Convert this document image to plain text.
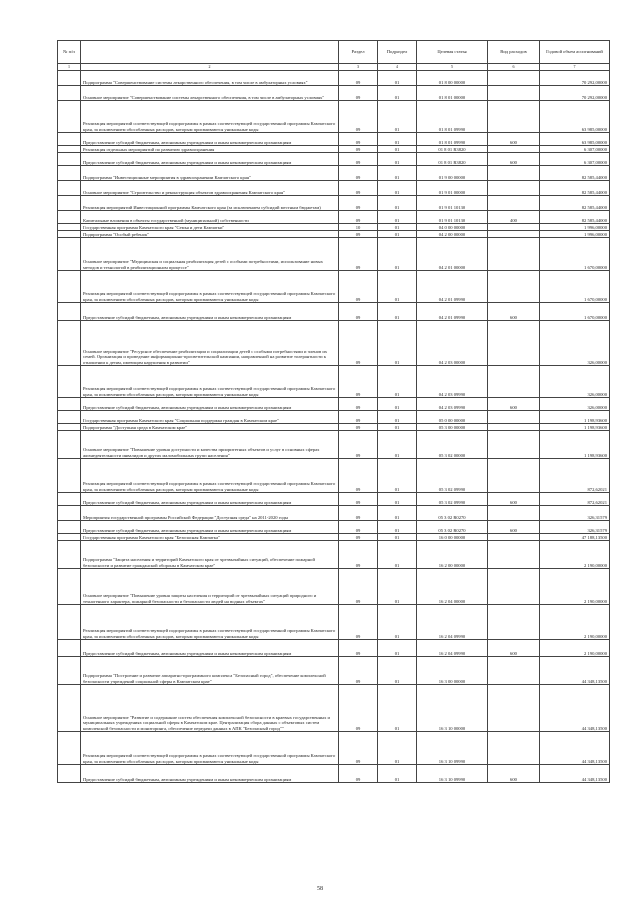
№ п/п		Раздел	Подраздел	Целевая статья	Вид расходов	Годовой объем ассигнований
1	2	3	4	5	6	7
	Подпрограмма "Совершенствование системы лекарственного обеспечения, в том числе в амбулаторных условиях"	09	01	01 8 00 00000		70 292,00000
	Основное мероприятие "Совершенствование системы лекарственного обеспечения, в том числе в амбулаторных условиях"	09	01	01 8 01 00000		70 292,00000
	Реализация мероприятий соответствующей подпрограммы в рамках соответствующей государственной программы Камчатского края, за исключением обособленных расходов, которым присваиваются уникальные коды	09	01	01 8 01 09990		63 985,00000
	Предоставление субсидий бюджетным, автономным учреждениям и иным некоммерческим организациям	09	01	01 8 01 09990	600	63 985,00000
	Реализация отдельных мероприятий по развитию здравоохранения	09	01	01 8 01 R3820		6 307,00000
	Предоставление субсидий бюджетным, автономным учреждениям и иным некоммерческим организациям	09	01	01 8 01 R3820	600	6 307,00000
	Подпрограмма "Инвестиционные мероприятия в здравоохранении Камчатского края"	09	01	01 9 00 00000		82 585,44000
	Основное мероприятие "Строительство и реконструкция объектов здравоохранения Камчатского края"	09	01	01 9 01 00000		82 585,44000
	Реализация мероприятий Инвестиционной программы Камчатского края (за исключением субсидий местным бюджетам)	09	01	01 9 01 10130		82 585,44000
	Капитальные вложения в объекты государственной (муниципальной) собственности	09	01	01 9 01 10130	400	82 585,44000
	Государственная программа Камчатского края "Семья и дети Камчатки"	10	01	04 0 00 00000		1 996,00000
	Подпрограмма "Особый ребенок"	09	01	04 2 00 00000		1 996,00000
	Основное мероприятие "Медицинская и социальная реабилитация детей с особыми потребностями, использование новых методов и технологий в реабилитационном процессе"	09	01	04 2 01 00000		1 670,00000
	Реализация мероприятий соответствующей подпрограммы в рамках соответствующей государственной программы Камчатского края, за исключением обособленных расходов, которым присваиваются уникальные коды	09	01	04 2 01 09990		1 670,00000
	Предоставление субсидий бюджетным, автономным учреждениям и иным некоммерческим организациям	09	01	04 2 01 09990	600	1 670,00000
	Основное мероприятие "Ресурсное обеспечение реабилитации и социализации детей с особыми потребностями и членов их семей. Организация и проведение информационно-просветительской кампании, направленной на развитие толерантности к отношении к детям, имеющим нарушения в развитии"	09	01	04 2 03 00000		326,00000
	Реализация мероприятий соответствующей подпрограммы в рамках соответствующей государственной программы Камчатского края, за исключением обособленных расходов, которым присваиваются уникальные коды	09	01	04 2 03 09990		326,00000
	Предоставление субсидий бюджетным, автономным учреждениям и иным некоммерческим организациям	09	01	04 2 03 09990	600	326,00000
	Государственная программа Камчатского края "Социальная поддержка граждан в Камчатском крае"	09	01	05 0 00 00000		1 198,93600
	Подпрограмма "Доступная среда в Камчатском крае"	09	01	05 3 00 00000		1 198,93600
	Основное мероприятие "Повышение уровня доступности и качества приоритетных объектов и услуг в основных сферах жизнедеятельности инвалидов и других маломобильных групп населения"	09	01	05 3 02 00000		1 198,93600
	Реализация мероприятий соответствующей подпрограммы в рамках соответствующей государственной программы Камчатского края, за исключением обособленных расходов, которым присваиваются уникальные коды	09	01	05 3 02 09990		872,62021
	Предоставление субсидий бюджетным, автономным учреждениям и иным некоммерческим организациям	09	01	05 3 02 09990	600	872,62021
	Мероприятия государственной программы Российской Федерации "Доступная среда" на 2011-2020 годы	09	01	05 3 02 R0270		326,31579
	Предоставление субсидий бюджетным, автономным учреждениям и иным некоммерческим организациям	09	01	05 3 02 R0270	600	326,31579
	Государственная программа Камчатского края "Безопасная Камчатка"	09	01	16 0 00 00000		47 188,13500
	Подпрограмма "Защита населения и территорий Камчатского края от чрезвычайных ситуаций, обеспечение пожарной безопасности и развитие гражданской обороны в Камчатском крае"	09	01	16 2 00 00000		2 190,00000
	Основное мероприятие "Повышение уровня защиты населения и территорий от чрезвычайных ситуаций природного и техногенного характера, пожарной безопасности и безопасности людей на водных объектах"	09	01	16 2 04 00000		2 190,00000
	Реализация мероприятий соответствующей подпрограммы в рамках соответствующей государственной программы Камчатского края, за исключением обособленных расходов, которым присваиваются уникальные коды	09	01	16 2 04 09990		2 190,00000
	Предоставление субсидий бюджетным, автономным учреждениям и иным некоммерческим организациям	09	01	16 2 04 09990	600	2 190,00000
	Подпрограмма "Построение и развитие аппаратно-программного комплекса "Безопасный город", обеспечение комплексной безопасности учреждений социальной сферы в Камчатском крае"	09	01	16 3 00 00000		44 348,13500
	Основное мероприятие "Развитие и содержание систем обеспечения комплексной безопасности в краевых государственных и муниципальных учреждениях социальной сферы в Камчатском крае. Централизация сбора данных с объектовых систем комплексной безопасности и мониторинга, обеспечение передачи данных в АПК "Безопасный город""	09	01	16 3 10 00000		44 348,13500
	Реализация мероприятий соответствующей подпрограммы в рамках соответствующей государственной программы Камчатского края, за исключением обособленных расходов, которым присваиваются уникальные коды	09	01	16 3 10 09990		44 348,13500
	Предоставление субсидий бюджетным, автономным учреждениям и иным некоммерческим организациям	09	01	16 3 10 09990	600	44 348,13500
58
